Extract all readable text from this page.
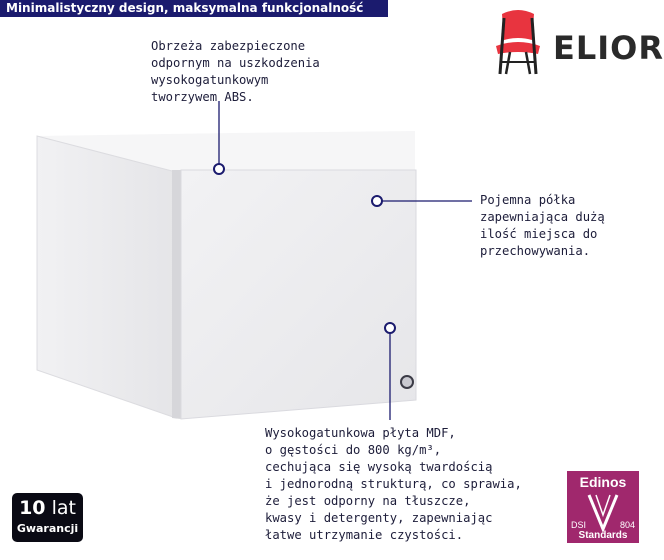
Minimalistyczny design, maksymalna funkcjonalność
ELIOR
Obrzeża zabezpieczone
odpornym na uszkodzenia
wysokogatunkowym
tworzywem ABS.
Pojemna półka
zapewniająca dużą
ilość miejsca do
przechowywania.
Wysokogatunkowa płyta MDF,
o gęstości do 800 kg/m³,
cechująca się wysoką twardością
i jednorodną strukturą, co sprawia,
że jest odporny na tłuszcze,
kwasy i detergenty, zapewniając
łatwe utrzymanie czystości.
10 lat
Gwarancji
Edinos
DSI	804
Standards
